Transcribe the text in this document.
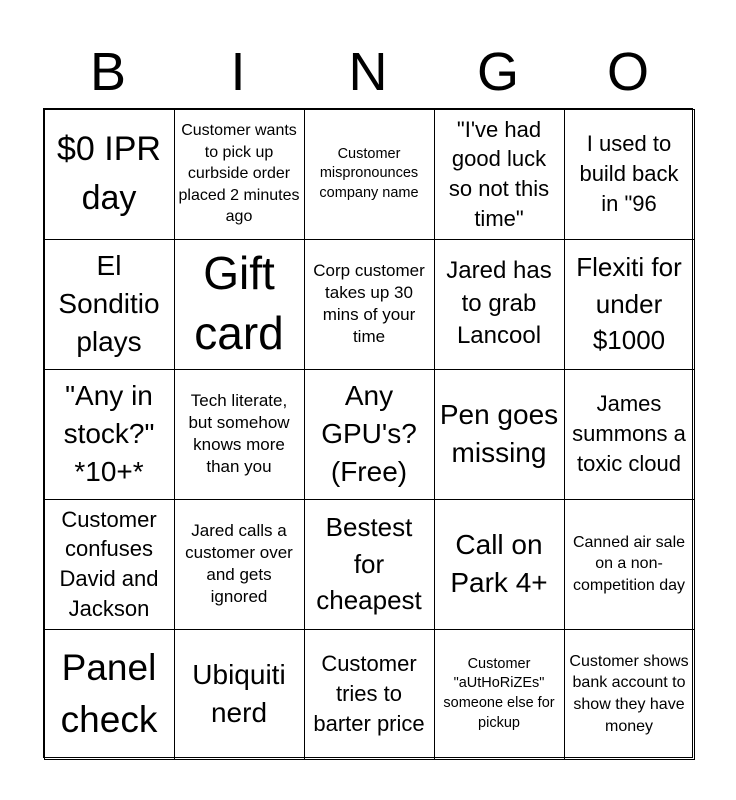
B	I	N	G	O
$0 IPR day
Customer wants to pick up curbside order placed 2 minutes ago
Customer mispronounces company name
"I've had good luck so not this time"
I used to build back in "96
El Sonditio plays
Gift card
Corp customer takes up 30 mins of your time
Jared has to grab Lancool
Flexiti for under $1000
"Any in stock?" *10+*
Tech literate, but somehow knows more than you
Any GPU's? (Free)
Pen goes missing
James summons a toxic cloud
Customer confuses David and Jackson
Jared calls a customer over and gets ignored
Bestest for cheapest
Call on Park 4+
Canned air sale on a non-competition day
Panel check
Ubiquiti nerd
Customer tries to barter price
Customer "aUtHoRiZEs" someone else for pickup
Customer shows bank account to show they have money
